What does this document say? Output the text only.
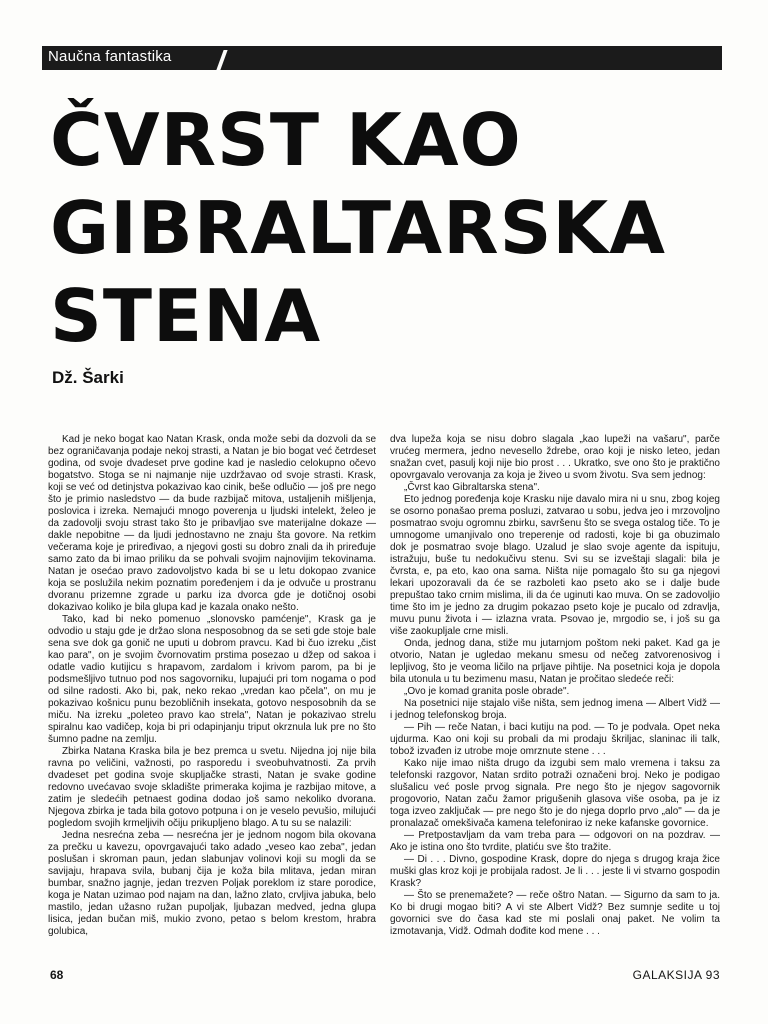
Naučna fantastika
ČVRST KAO
GIBRALTARSKA
STENA
Dž. Šarki

Kad je neko bogat kao Natan Krask, onda može sebi da dozvoli da se bez ograničavanja podaje nekoj strasti, a Natan je bio bogat već četrdeset godina, od svoje dvadeset prve godine kad je nasledio celokupno očevo bogatstvo. Stoga se ni najmanje nije uzdržavao od svoje strasti. Krask, koji se već od detinjstva pokazivao kao cinik, beše odlučio — još pre nego što je primio nasledstvo — da bude razbijač mitova, ustaljenih mišljenja, poslovica i izreka. Nemajući mnogo poverenja u ljudski intelekt, želeo je da zadovolji svoju strast tako što je pribavljao sve materijalne dokaze — dakle nepobitne — da ljudi jednostavno ne znaju šta govore. Na retkim večerama koje je priređivao, a njegovi gosti su dobro znali da ih priređuje samo zato da bi imao priliku da se pohvali svojim najnovijim tekovinama. Natan je osećao pravo zadovoljstvo kada bi se u letu dokopao zvanice koja se poslužila nekim poznatim poređenjem i da je odvuče u prostranu dvoranu prizemne zgrade u parku iza dvorca gde je dotičnoj osobi dokazivao koliko je bila glupa kad je kazala onako nešto.

Tako, kad bi neko pomenuo „slonovsko pamćenje", Krask ga je odvodio u staju gde je držao slona nesposobnog da se seti gde stoje bale sena sve dok ga gonič ne uputi u dobrom pravcu. Kad bi čuo izreku „čist kao para", on je svojim čvornovatim prstima posezao u džep od sakoa i odatle vadio kutijicu s hrapavom, zardalom i krivom parom, pa bi je podsmešljivo tutnuo pod nos sagovorniku, lupajući pri tom nogama o pod od silne radosti. Ako bi, pak, neko rekao „vredan kao pčela", on mu je pokazivao košnicu punu bezobličnih insekata, gotovo nesposobnih da se miču. Na izreku „poleteo pravo kao strela", Natan je pokazivao strelu spiralnu kao vadičep, koja bi pri odapinjanju triput okrznula luk pre no što šumno padne na zemlju.

Zbirka Natana Kraska bila je bez premca u svetu. Nijedna joj nije bila ravna po veličini, važnosti, po rasporedu i sveobuhvatnosti. Za prvih dvadeset pet godina svoje skupljačke strasti, Natan je svake godine redovno uvećavao svoje skladište primeraka kojima je razbijao mitove, a zatim je sledećih petnaest godina dodao još samo nekoliko dvorana. Njegova zbirka je tada bila gotovo potpuna i on je veselo pevušio, milujući pogledom svojih krmeljivih očiju prikupljeno blago. A tu su se nalazili:

Jedna nesrećna zeba — nesrećna jer je jednom nogom bila okovana za prečku u kavezu, opovrgavajući tako adado „veseo kao zeba", jedan poslušan i skroman paun, jedan slabunjav volinovi koji su mogli da se savijaju, hrapava svila, bubanj čija je koža bila mlitava, jedan miran bumbar, snažno jagnje, jedan trezven Poljak poreklom iz stare porodice, koga je Natan uzimao pod najam na dan, lažno zlato, crvljiva jabuka, belo mastilo, jedan užasno ružan pupoljak, ljubazan medved, jedna glupa lisica, jedan bučan miš, mukio zvono, petao s belom krestom, hrabra golubica,

dva lupeža koja se nisu dobro slagala „kao lupeži na vašaru", parče vrućeg mermera, jedno nevesello ždrebe, orao koji je nisko leteo, jedan snažan cvet, pasulj koji nije bio prost . . . Ukratko, sve ono što je praktično opovrgavalo verovanja za koja je živeo u svom životu. Sva sem jednog:

„Čvrst kao Gibraltarska stena".

Eto jednog poređenja koje Krasku nije davalo mira ni u snu, zbog kojeg se osorno ponašao prema posluzi, zatvarao u sobu, jedva jeo i mrzovoljno posmatrao svoju ogromnu zbirku, savršenu što se svega ostalog tiče. To je umnogome umanjivalo ono treperenje od radosti, koje bi ga obuzimalo dok je posmatrao svoje blago. Uzalud je slao svoje agente da ispituju, istražuju, buše tu nedokučivu stenu. Svi su se izveštaji slagali: bila je čvrsta, e, pa eto, kao ona sama. Ništa nije pomagalo što su ga njegovi lekari upozoravali da će se razboleti kao pseto ako se i dalje bude prepuštao tako crnim mislima, ili da će uginuti kao muva. On se zadovoljio time što im je jedno za drugim pokazao pseto koje je pucalo od zdravlja, muvu punu života i — izlazna vrata. Psovao je, mrgodio se, i još su ga više zaokupljale crne misli.

Onda, jednog dana, stiže mu jutarnjom poštom neki paket. Kad ga je otvorio, Natan je ugledao mekanu smesu od nečeg zatvorenosivog i lepljivog, što je veoma ličilo na prljave pihtije. Na posetnici koja je dopola bila utonula u tu bezimenu masu, Natan je pročitao sledeće reči:

„Ovo je komad granita posle obrade".

Na posetnici nije stajalo više ništa, sem jednog imena — Albert Vidž — i jednog telefonskog broja.

— Pih — reče Natan, i baci kutiju na pod. — To je podvala. Opet neka ujdurma. Kao oni koji su probali da mi prodaju škriljac, slaninac ili talk, tobož izvađen iz utrobe moje omrznute stene . . .

Kako nije imao ništa drugo da izgubi sem malo vremena i taksu za telefonski razgovor, Natan srdito potraži označeni broj. Neko je podigao slušalicu već posle prvog signala. Pre nego što je njegov sagovornik progovorio, Natan začu žamor prigušenih glasova više osoba, pa je iz toga izveo zaključak — pre nego što je do njega doprlo prvo „alo" — da je pronalazač omekšivača kamena telefonirao iz neke kafanske govornice.

— Pretpostavljam da vam treba para — odgovori on na pozdrav. — Ako je istina ono što tvrdite, platiću sve što tražite.

— Di . . . Divno, gospodine Krask, dopre do njega s drugog kraja žice muški glas kroz koji je probijala radost. Je li . . . jeste li vi stvarno gospodin Krask?

— Što se prenemažete? — reče oštro Natan. — Sigurno da sam to ja. Ko bi drugi mogao biti? A vi ste Albert Vidž? Bez sumnje sedite u toj govornici sve do časa kad ste mi poslali onaj paket. Ne volim ta izmotavanja, Vidž. Odmah dođite kod mene . . .

68	GALAKSIJA 93
